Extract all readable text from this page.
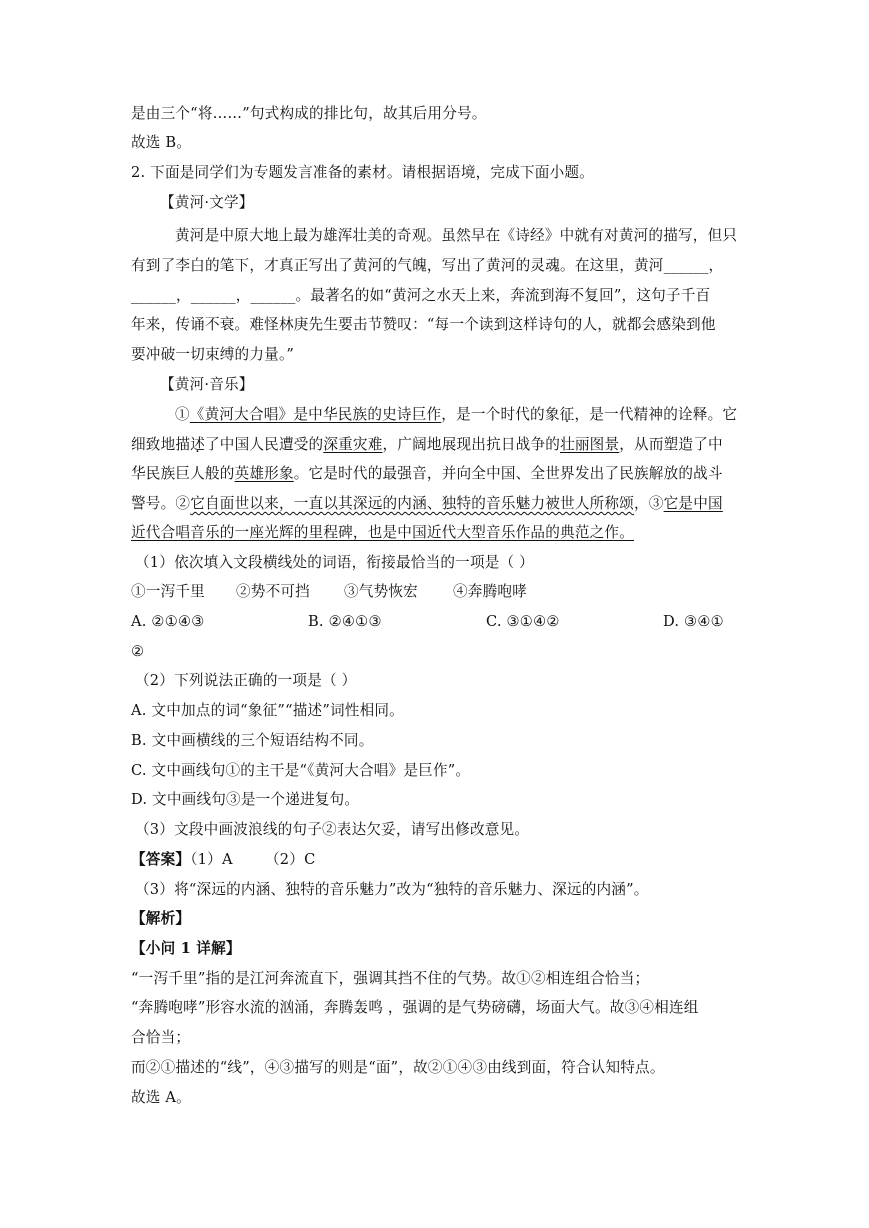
是由三个“将……”句式构成的排比句，故其后用分号。
故选 B。
2. 下面是同学们为专题发言准备的素材。请根据语境，完成下面小题。
【黄河·文学】
黄河是中原大地上最为雄浑壮美的奇观。虽然早在《诗经》中就有对黄河的描写，但只
有到了李白的笔下，才真正写出了黄河的气魄，写出了黄河的灵魂。在这里，黄河______，
______，______，______。最著名的如“黄河之水天上来，奔流到海不复回”，这句子千百
年来，传诵不衰。难怪林庚先生要击节赞叹：“每一个读到这样诗句的人，就都会感染到他
要冲破一切束缚的力量。”
【黄河·音乐】
①《黄河大合唱》是中华民族的史诗巨作，是一个时代的象征，是一代精神的诠释。它
细致地描述了中国人民遭受的深重灾难，广阔地展现出抗日战争的壮丽图景，从而塑造了中
华民族巨人般的英雄形象。它是时代的最强音，并向全中国、全世界发出了民族解放的战斗
警号。②它自面世以来，一直以其深远的内涵、独特的音乐魅力被世人所称颂，③它是中国
近代合唱音乐的一座光辉的里程碑，也是中国近代大型音乐作品的典范之作。
（1）依次填入文段横线处的词语，衔接最恰当的一项是（ ）
①一泻千里 ②势不可挡 ③气势恢宏 ④奔腾咆哮
A. ②①④③	B. ②④①③	C. ③①④②	D. ③④①
②
（2）下列说法正确的一项是（ ）
A. 文中加点的词“象征”“描述”词性相同。
B. 文中画横线的三个短语结构不同。
C. 文中画线句①的主干是“《黄河大合唱》是巨作”。
D. 文中画线句③是一个递进复句。
（3）文段中画波浪线的句子②表达欠妥，请写出修改意见。
【答案】（1）A （2）C
（3）将“深远的内涵、独特的音乐魅力”改为“独特的音乐魅力、深远的内涵”。
【解析】
【小问 1 详解】
“一泻千里”指的是江河奔流直下，强调其挡不住的气势。故①②相连组合恰当；
“奔腾咆哮”形容水流的汹涌，奔腾轰鸣 ，强调的是气势磅礴，场面大气。故③④相连组
合恰当；
而②①描述的“线”，④③描写的则是“面”，故②①④③由线到面，符合认知特点。
故选 A。
